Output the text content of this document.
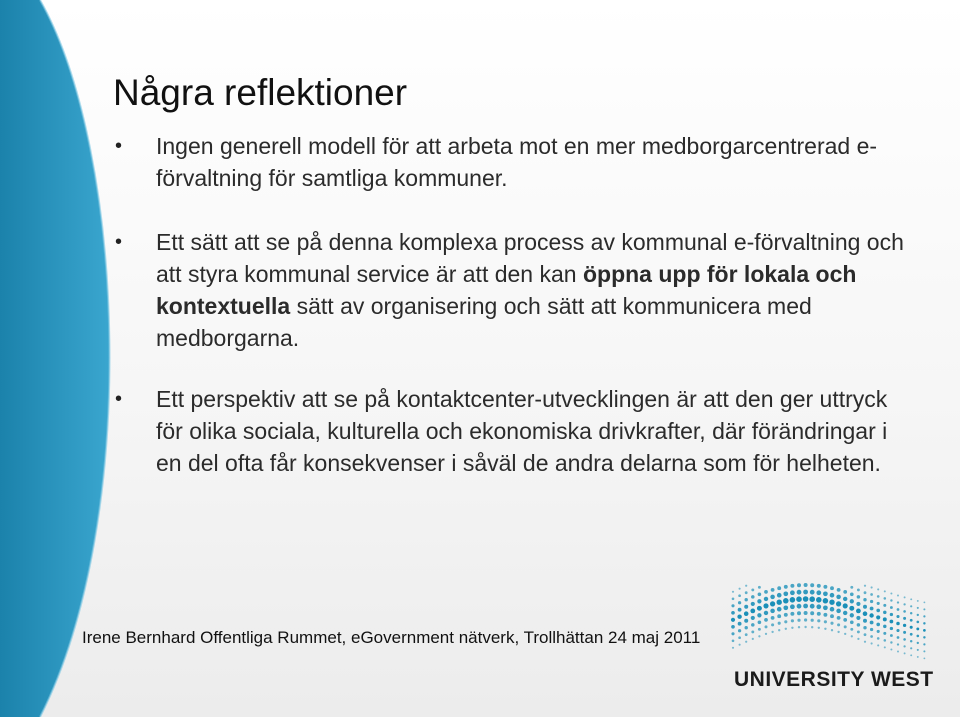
Några reflektioner
• Ingen generell modell för att arbeta mot en mer medborgarcentrerad e-förvaltning för samtliga kommuner.
• Ett sätt att se på denna komplexa process av kommunal e-förvaltning och att styra kommunal service är att den kan öppna upp för lokala och kontextuella sätt av organisering och sätt att kommunicera med medborgarna.
• Ett perspektiv att se på kontaktcenter-utvecklingen är att den ger uttryck för olika sociala, kulturella och ekonomiska drivkrafter, där förändringar i en del ofta får konsekvenser i såväl de andra delarna som för helheten.
Irene Bernhard Offentliga Rummet, eGovernment nätverk, Trollhättan 24 maj 2011
UNIVERSITY WEST
